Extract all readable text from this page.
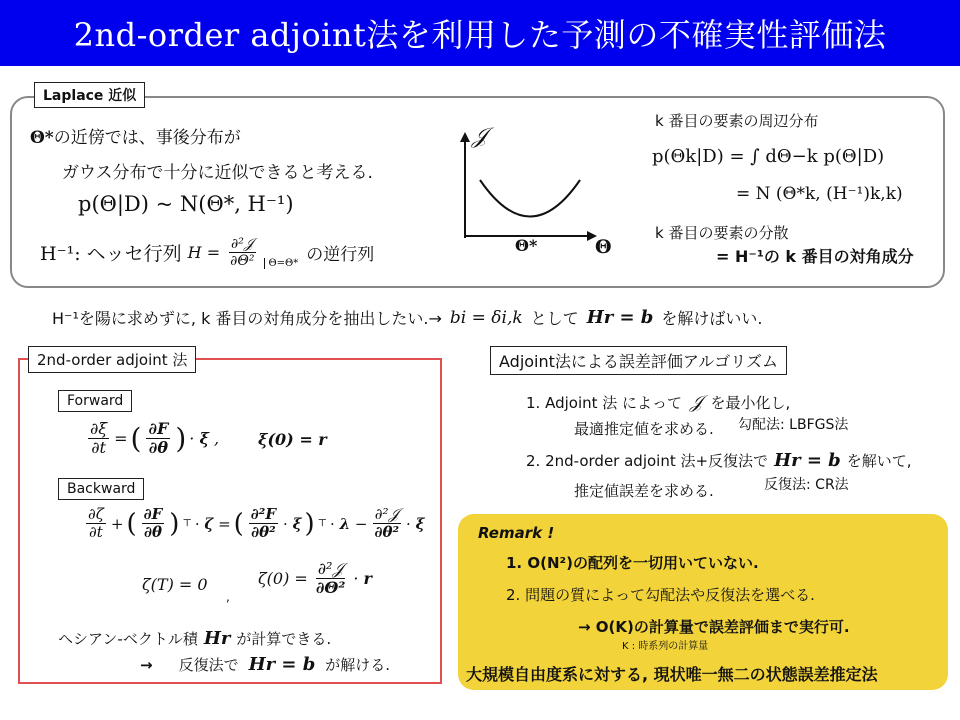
2nd-order adjoint法を利用した予測の不確実性評価法
Laplace 近似
Θ*の近傍では、事後分布が
ガウス分布で十分に近似できると考える.
p(Θ|D) ~ N(Θ*, H⁻¹)
H⁻¹: ヘッセ行列 $H = \frac{\text{∂²𝒥}}{\text{∂Θ²}}$	Θ=Θ* の逆行列
𝒥
Θ
Θ*
k 番目の要素の周辺分布
p(Θk|D) = ∫ dΘ−k p(Θ|D)
= N (Θ*k, (H⁻¹)k,k)
k 番目の要素の分散
= H⁻¹の k 番目の対角成分
H⁻¹を陽に求めずに, k 番目の対角成分を抽出したい.→ bi = δi,k として Hr = b を解けばいい.
2nd-order adjoint 法
Forward
$\frac{\partial\xi}{\partial t}$ = ( $\frac{\partial F}{\partial\theta}$ ) · ξ , ξ(0) = r
Backward
$\frac{\partial\zeta}{\partial t}$ + ( $\frac{\partial F}{\partial\theta}$ ) ⊤ · ζ = ( $\frac{\text{∂²F}}{\text{∂θ²}} \cdot \xi$ ) ⊤ · $\lambda - \frac{\text{∂²𝒥}}{\text{∂θ²}} \cdot \xi$
ζ(T) = 0
,
$\zeta(0) = \frac{\text{∂²𝒥}}{\text{∂Θ²}} \cdot r$
ヘシアン-ベクトル積 Hr が計算できる.
→ 反復法で Hr = b が解ける.
Adjoint法による誤差評価アルゴリズム
1. Adjoint 法 によって 𝒥 を最小化し,
最適推定値を求める. 勾配法: LBFGS法
2. 2nd-order adjoint 法+反復法で Hr = b を解いて,
推定値誤差を求める.	反復法: CR法
Remark !
1. O(N²)の配列を一切用いていない.
2. 問題の質によって勾配法や反復法を選べる.
→ O(K)の計算量で誤差評価まで実行可.
K : 時系列の計算量
大規模自由度系に対する, 現状唯一無二の状態誤差推定法
